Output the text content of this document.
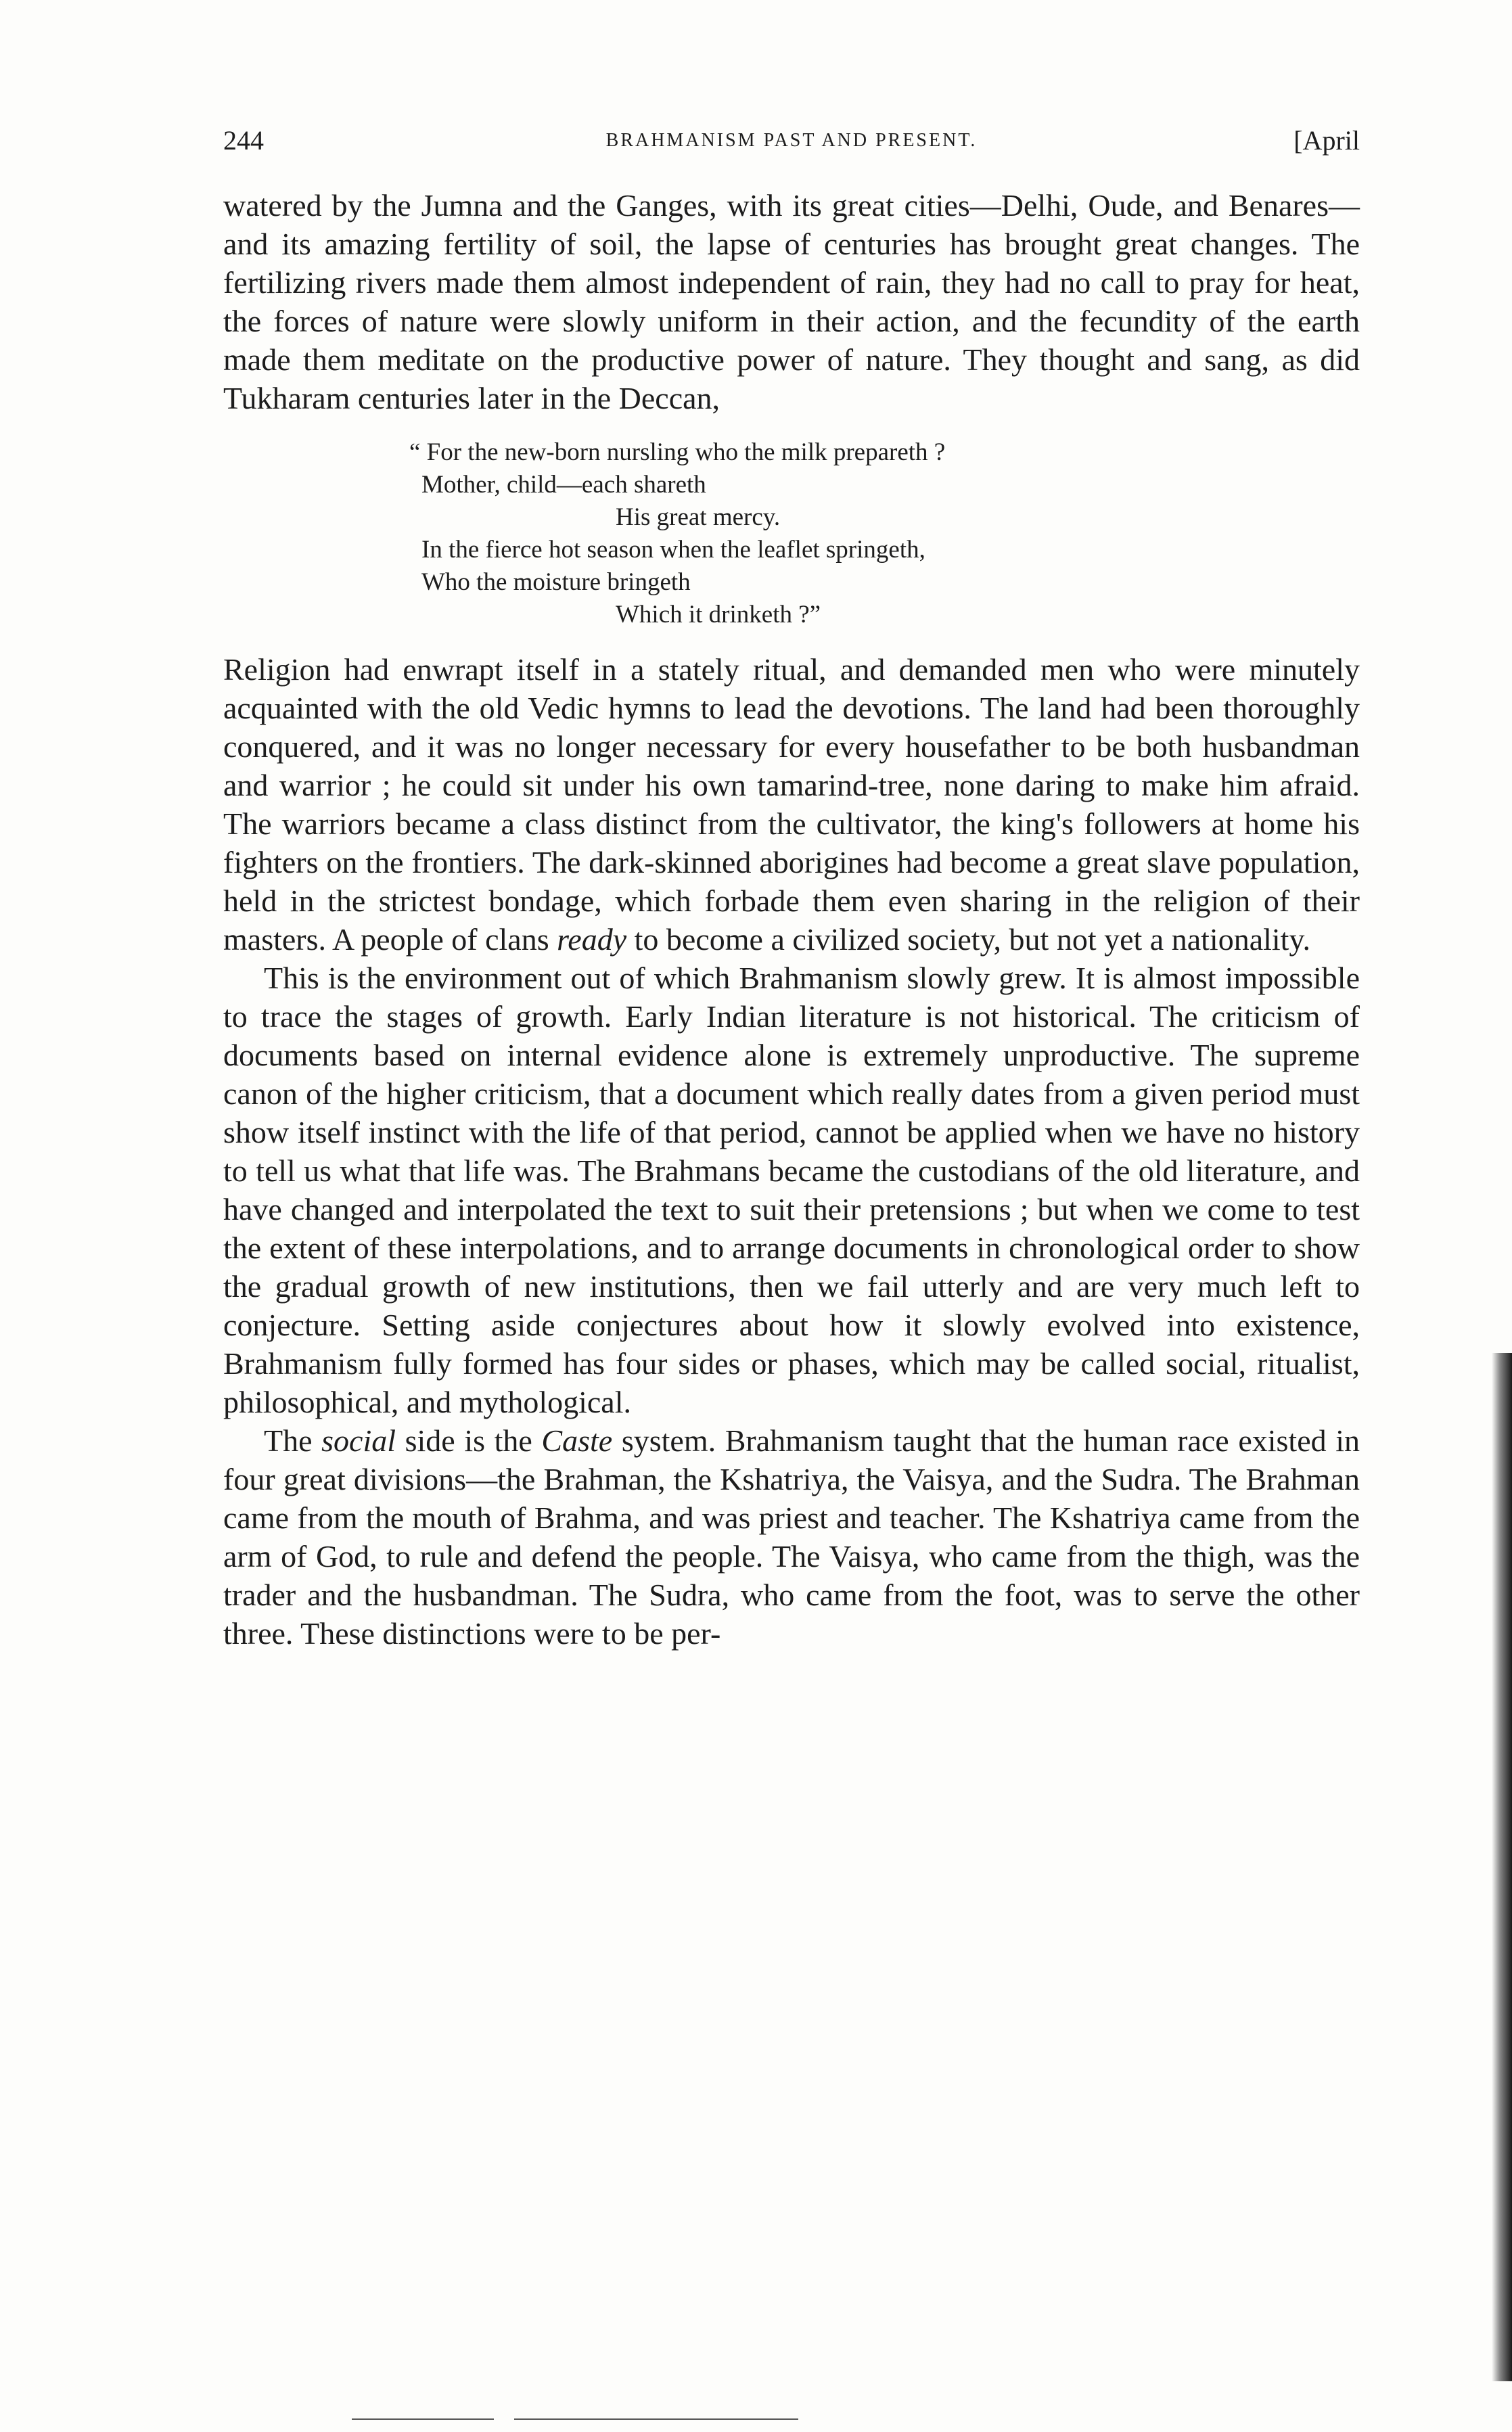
244	BRAHMANISM PAST AND PRESENT.	[April

watered by the Jumna and the Ganges, with its great cities—Delhi, Oude, and Benares—and its amazing fertility of soil, the lapse of centuries has brought great changes. The fertilizing rivers made them almost independent of rain, they had no call to pray for heat, the forces of nature were slowly uniform in their action, and the fecundity of the earth made them meditate on the productive power of nature. They thought and sang, as did Tukharam centuries later in the Deccan,

“ For the new-born nursling who the milk prepareth ?
Mother, child—each shareth
His great mercy.
In the fierce hot season when the leaflet springeth,
Who the moisture bringeth
Which it drinketh ?”

Religion had enwrapt itself in a stately ritual, and demanded men who were minutely acquainted with the old Vedic hymns to lead the devotions. The land had been thoroughly conquered, and it was no longer necessary for every housefather to be both husbandman and warrior ; he could sit under his own tamarind-tree, none daring to make him afraid. The warriors became a class distinct from the cultivator, the king's followers at home his fighters on the frontiers. The dark-skinned aborigines had become a great slave population, held in the strictest bondage, which forbade them even sharing in the religion of their masters. A people of clans ready to become a civilized society, but not yet a nationality.

This is the environment out of which Brahmanism slowly grew. It is almost impossible to trace the stages of growth. Early Indian literature is not historical. The criticism of documents based on internal evidence alone is extremely unproductive. The supreme canon of the higher criticism, that a document which really dates from a given period must show itself instinct with the life of that period, cannot be applied when we have no history to tell us what that life was. The Brahmans became the custodians of the old literature, and have changed and interpolated the text to suit their pretensions ; but when we come to test the extent of these interpolations, and to arrange documents in chronological order to show the gradual growth of new institutions, then we fail utterly and are very much left to conjecture. Setting aside conjectures about how it slowly evolved into existence, Brahmanism fully formed has four sides or phases, which may be called social, ritualist, philosophical, and mythological.

The social side is the Caste system. Brahmanism taught that the human race existed in four great divisions—the Brahman, the Kshatriya, the Vaisya, and the Sudra. The Brahman came from the mouth of Brahma, and was priest and teacher. The Kshatriya came from the arm of God, to rule and defend the people. The Vaisya, who came from the thigh, was the trader and the husbandman. The Sudra, who came from the foot, was to serve the other three. These distinctions were to be per-
